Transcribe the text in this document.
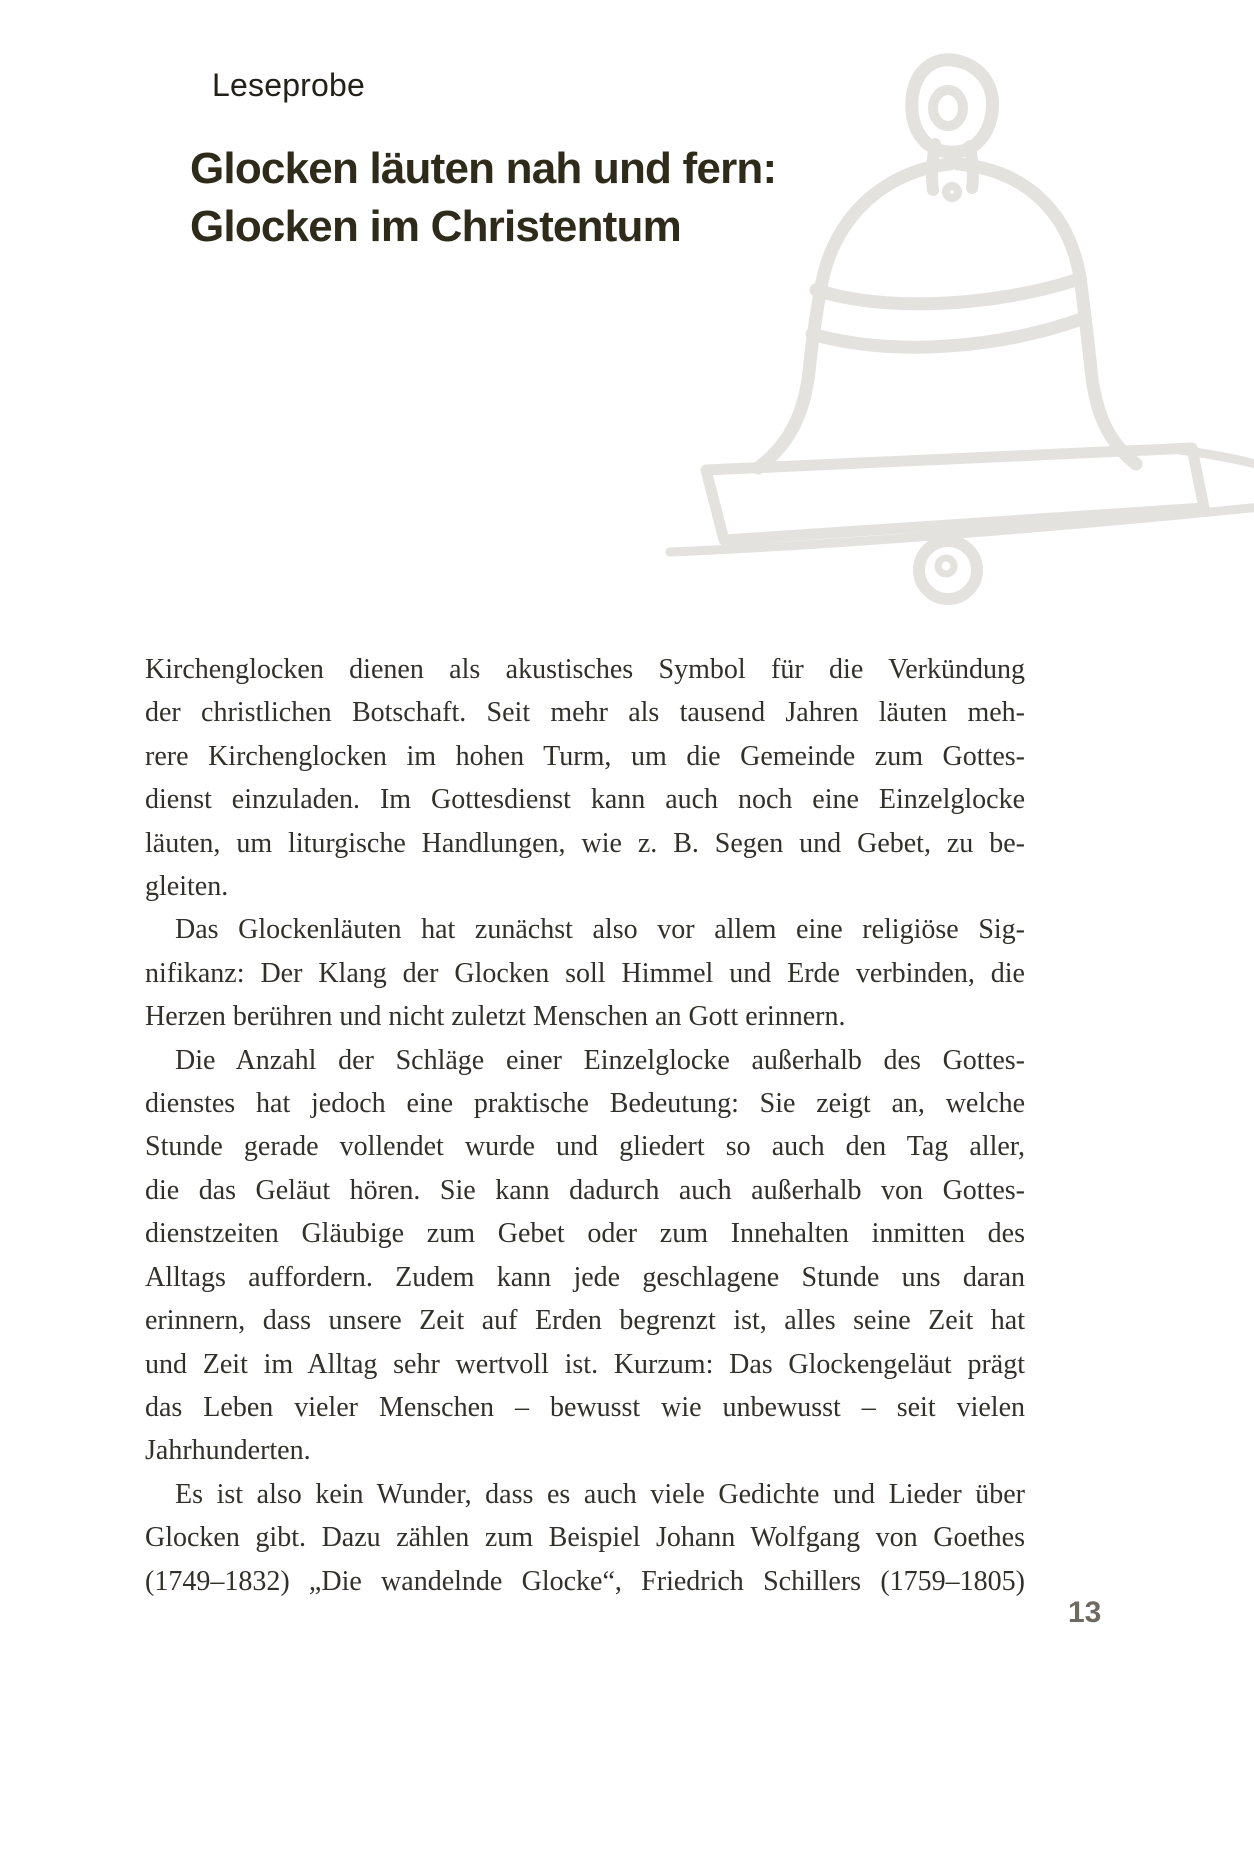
Leseprobe
Glocken läuten nah und fern:
Glocken im Christentum
Kirchenglocken dienen als akustisches Symbol für die Verkündung
der christlichen Botschaft. Seit mehr als tausend Jahren läuten meh-
rere Kirchenglocken im hohen Turm, um die Gemeinde zum Gottes-
dienst einzuladen. Im Gottesdienst kann auch noch eine Einzelglocke
läuten, um liturgische Handlungen, wie z. B. Segen und Gebet, zu be-
gleiten.
Das Glockenläuten hat zunächst also vor allem eine religiöse Sig-
nifikanz: Der Klang der Glocken soll Himmel und Erde verbinden, die
Herzen berühren und nicht zuletzt Menschen an Gott erinnern.
Die Anzahl der Schläge einer Einzelglocke außerhalb des Gottes-
dienstes hat jedoch eine praktische Bedeutung: Sie zeigt an, welche
Stunde gerade vollendet wurde und gliedert so auch den Tag aller,
die das Geläut hören. Sie kann dadurch auch außerhalb von Gottes-
dienstzeiten Gläubige zum Gebet oder zum Innehalten inmitten des
Alltags auffordern. Zudem kann jede geschlagene Stunde uns daran
erinnern, dass unsere Zeit auf Erden begrenzt ist, alles seine Zeit hat
und Zeit im Alltag sehr wertvoll ist. Kurzum: Das Glockengeläut prägt
das Leben vieler Menschen – bewusst wie unbewusst – seit vielen
Jahrhunderten.
Es ist also kein Wunder, dass es auch viele Gedichte und Lieder über
Glocken gibt. Dazu zählen zum Beispiel Johann Wolfgang von Goethes
(1749–1832) „Die wandelnde Glocke“, Friedrich Schillers (1759–1805)
13
